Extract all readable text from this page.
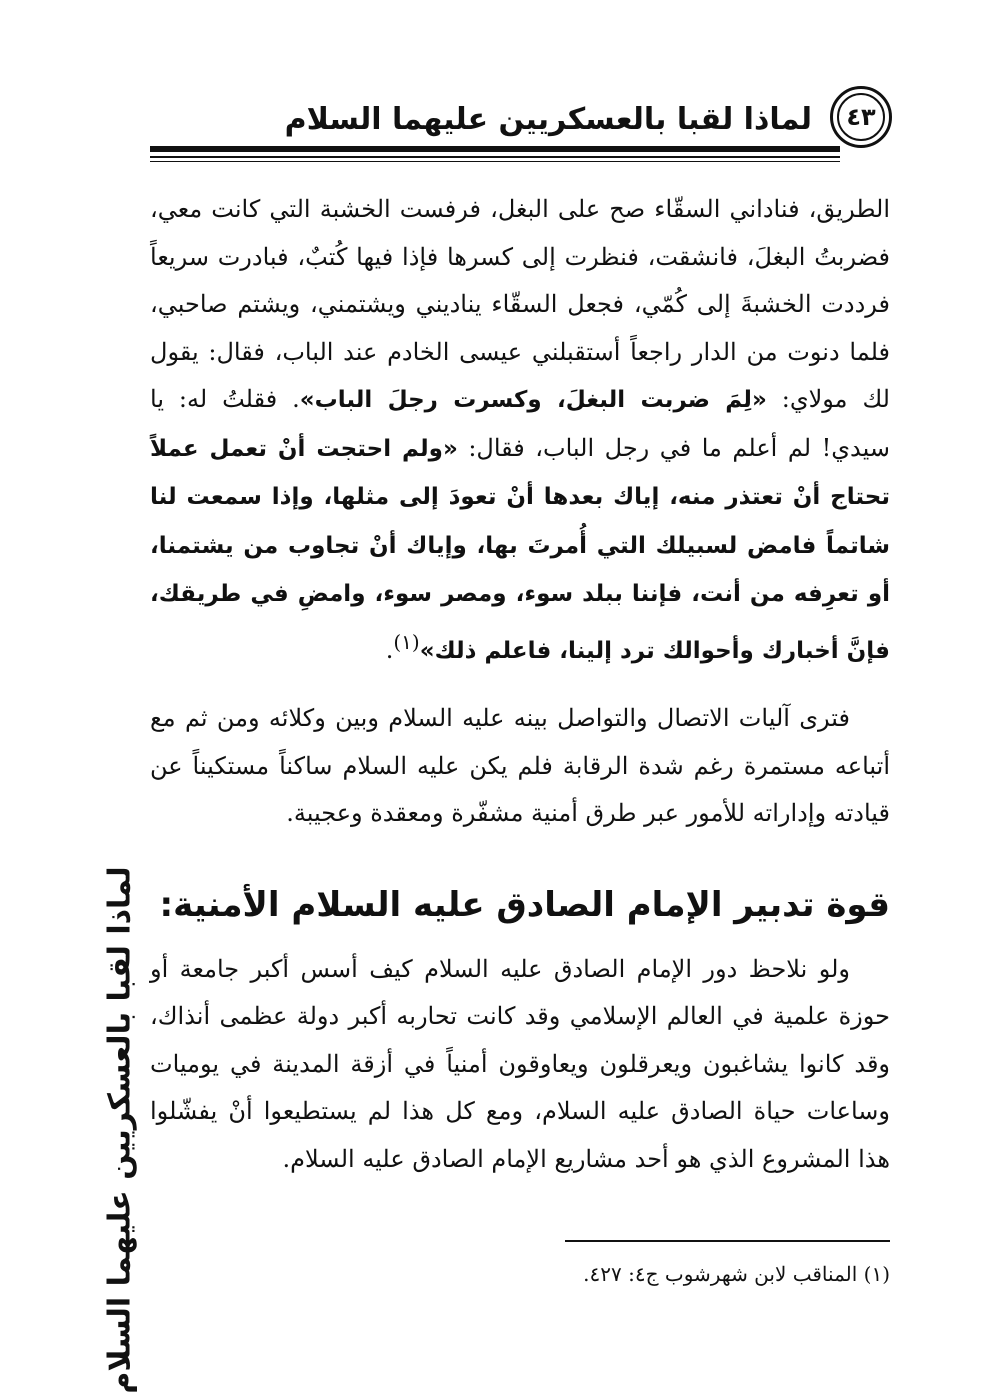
٤٣
لماذا لقبا بالعسكريين عليهما السلام

الطريق، فناداني السقّاء صح على البغل، فرفست الخشبة التي كانت معي، فضربتُ البغلَ، فانشقت، فنظرت إلى كسرها فإذا فيها كُتبٌ، فبادرت سريعاً فرددت الخشبةَ إلى كُمّي، فجعل السقّاء يناديني ويشتمني، ويشتم صاحبي، فلما دنوت من الدار راجعاً أستقبلني عيسى الخادم عند الباب، فقال: يقول لك مولاي: «لِمَ ضربت البغلَ، وكسرت رجلَ الباب». فقلتُ له: يا سيدي! لم أعلم ما في رجل الباب، فقال: «ولم احتجت أنْ تعمل عملاً تحتاج أنْ تعتذر منه، إياك بعدها أنْ تعودَ إلى مثلها، وإذا سمعت لنا شاتماً فامض لسبيلك التي أُمرتَ بها، وإياك أنْ تجاوب من يشتمنا، أو تعرِفه من أنت، فإننا ببلد سوء، ومصر سوء، وامضِ في طريقك، فإنَّ أخبارك وأحوالك ترد إلينا، فاعلم ذلك»$^{(١)}$.

فترى آليات الاتصال والتواصل بينه عليه السلام وبين وكلائه ومن ثم مع أتباعه مستمرة رغم شدة الرقابة فلم يكن عليه السلام ساكناً مستكيناً عن قيادته وإداراته للأمور عبر طرق أمنية مشفّرة ومعقدة وعجيبة.

قوة تدبير الإمام الصادق عليه السلام الأمنية:

ولو نلاحظ دور الإمام الصادق عليه السلام كيف أسس أكبر جامعة أو حوزة علمية في العالم الإسلامي وقد كانت تحاربه أكبر دولة عظمى أنذاك، وقد كانوا يشاغبون ويعرقلون ويعاوقون أمنياً في أزقة المدينة في يوميات وساعات حياة الصادق عليه السلام، ومع كل هذا لم يستطيعوا أنْ يفشّلوا هذا المشروع الذي هو أحد مشاريع الإمام الصادق عليه السلام.

لماذا لقبا بالعسكريين عليهما السلام	(١) المناقب لابن شهرشوب ج٤: ٤٢٧.
